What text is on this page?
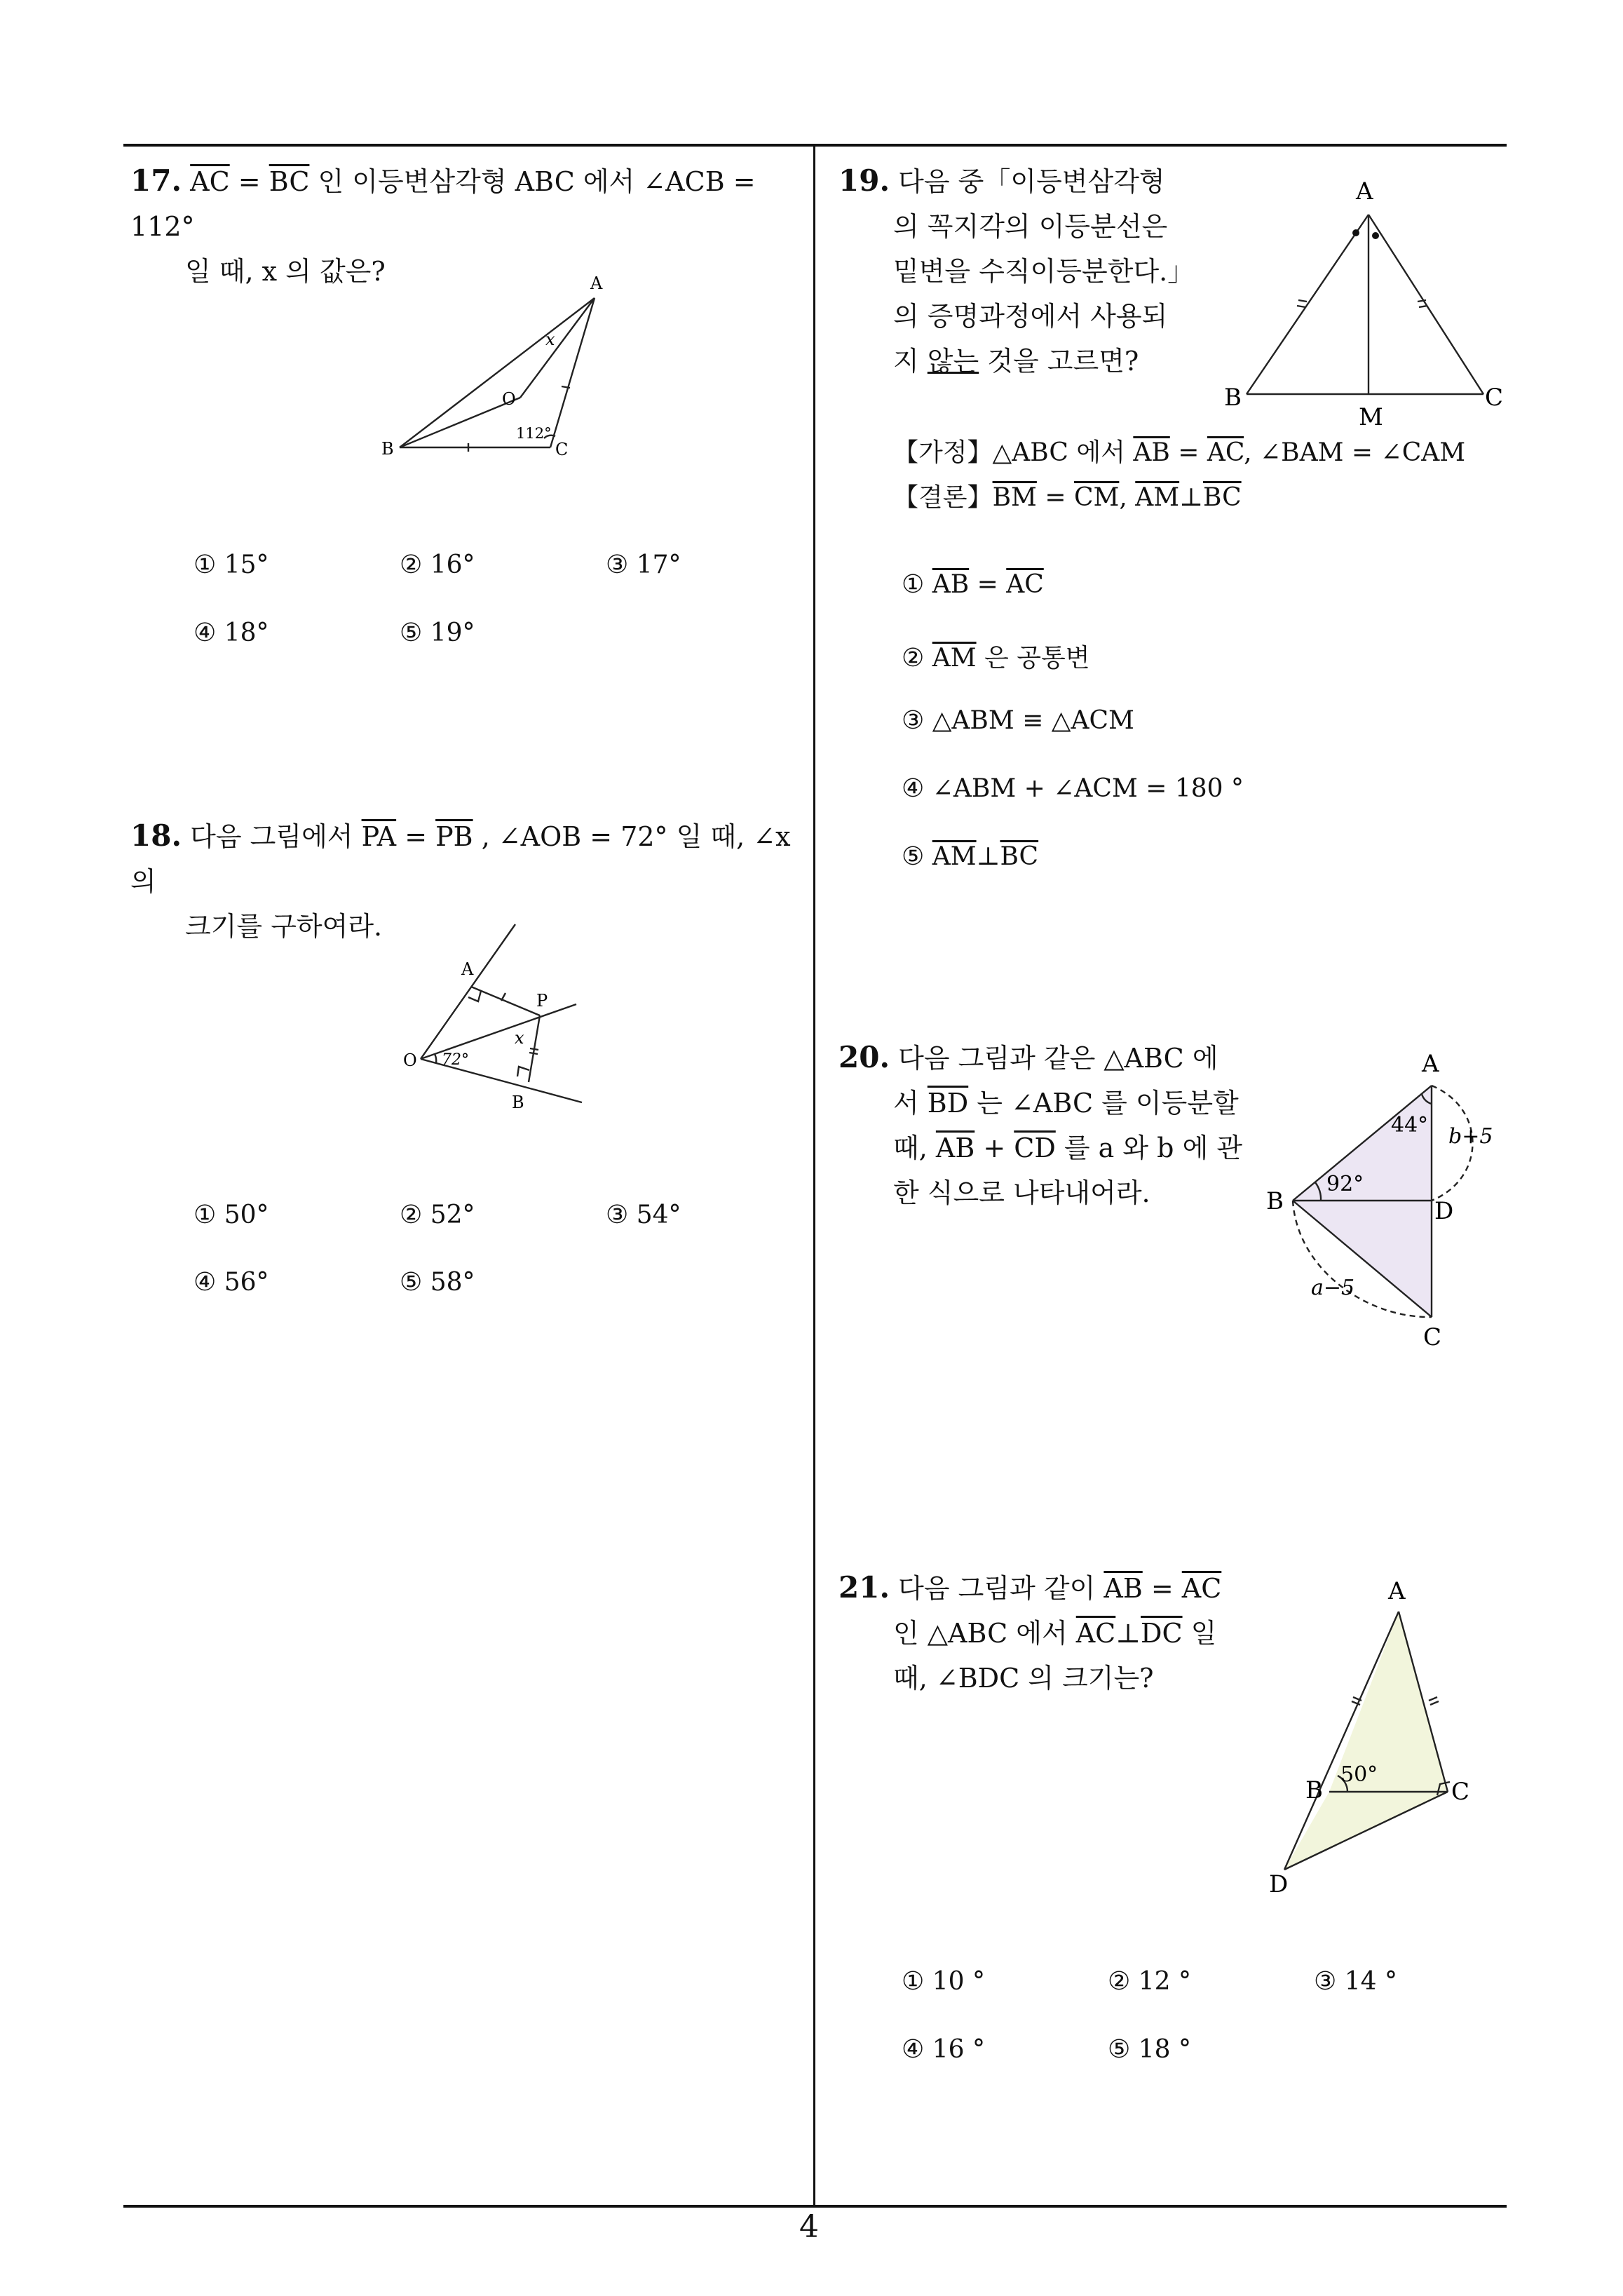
17. $\overline{AC} = \overline{BC}$ 인 이등변삼각형 ABC 에서 ∠ACB = 112°
일 때, x 의 값은?	A
B	C
O
x
112°
① 15°	② 16°	③ 17°
④ 18°	⑤ 19°
18. 다음 그림에서 $\overline{PA} = \overline{PB}$ , ∠AOB = 72° 일 때, ∠x 의
크기를 구하여라.
A
P
O
B
x
72°
① 50°	② 52°	③ 54°
④ 56°	⑤ 58°
19. 다음 중「이등변삼각형
의 꼭지각의 이등분선은
밑변을 수직이등분한다.」
의 증명과정에서 사용되
지 않는 것을 고르면?
A
B	C
M
【가정】△ABC 에서 $\overline{AB} = \overline{AC}$, ∠BAM = ∠CAM
【결론】$\overline{BM} = \overline{CM}$, $\overline{AM}\perp\overline{BC}$
① $\overline{AB} = \overline{AC}$
② $\overline{AM}$ 은 공통변
③ △ABM ≡ △ACM
④ ∠ABM + ∠ACM = 180 °
⑤ $\overline{AM}\perp\overline{BC}$
20. 다음 그림과 같은 △ABC 에
서 $\overline{BD}$ 는 ∠ABC 를 이등분할
때, $\overline{AB} + \overline{CD}$ 를 a 와 b 에 관
한 식으로 나타내어라.
A
B	D
C
44°
92°
b+5
a−5
21. 다음 그림과 같이 $\overline{AB} = \overline{AC}$
인 △ABC 에서 $\overline{AC}\perp\overline{DC}$ 일
때, ∠BDC 의 크기는?
A
B	C
D
50°
① 10 °	② 12 °	③ 14 °
④ 16 °	⑤ 18 °
4
